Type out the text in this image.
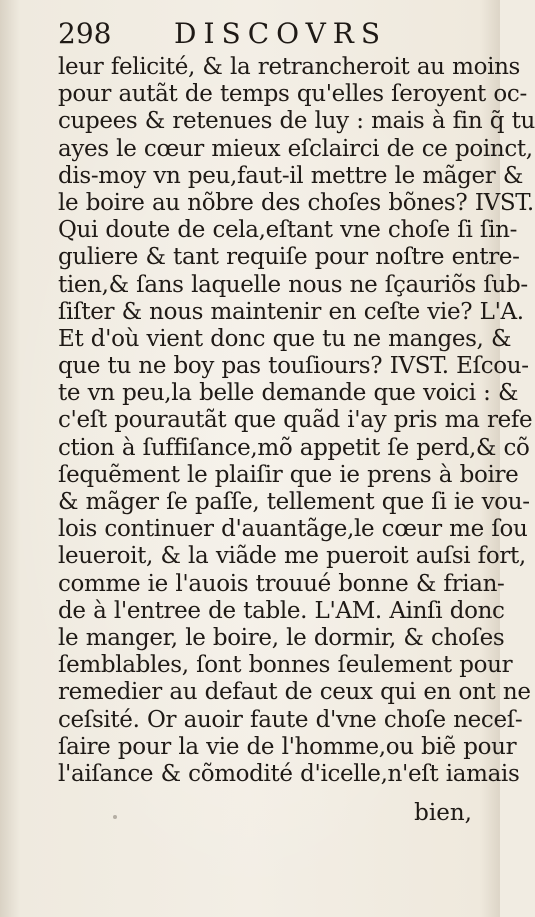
298 DISCOVRS
leur felicité, & la retrancheroit au moins
pour autãt de temps qu'elles ſeroyent oc-
cupees & retenues de luy : mais à fin q̃ tu
ayes le cœur mieux eſclairci de ce poinct,
dis-moy vn peu,faut-il mettre le mãger &
le boire au nõbre des choſes bõnes? IVST.
Qui doute de cela,eſtant vne choſe ſi ſin-
guliere & tant requiſe pour noſtre entre-
tien,& ſans laquelle nous ne ſçauriõs ſub-
ſiſter & nous maintenir en ceſte vie? L'A.
Et d'où vient donc que tu ne manges, &
que tu ne boy pas touſiours? IVST. Eſcou-
te vn peu,la belle demande que voici : &
c'eſt pourautãt que quãd i'ay pris ma refe
ction à ſuffiſance,mõ appetit ſe perd,& cõ
ſequẽment le plaiſir que ie prens à boire
& mãger ſe paſſe, tellement que ſi ie vou-
lois continuer d'auantãge,le cœur me ſou
leueroit, & la viãde me pueroit auſsi fort,
comme ie l'auois trouué bonne & frian-
de à l'entree de table. L'AM. Ainſi donc
le manger, le boire, le dormir, & choſes
ſemblables, ſont bonnes ſeulement pour
remedier au defaut de ceux qui en ont ne
ceſsité. Or auoir faute d'vne choſe neceſ-
ſaire pour la vie de l'homme,ou biẽ pour
l'aiſance & cõmodité d'icelle,n'eſt iamais
bien,
